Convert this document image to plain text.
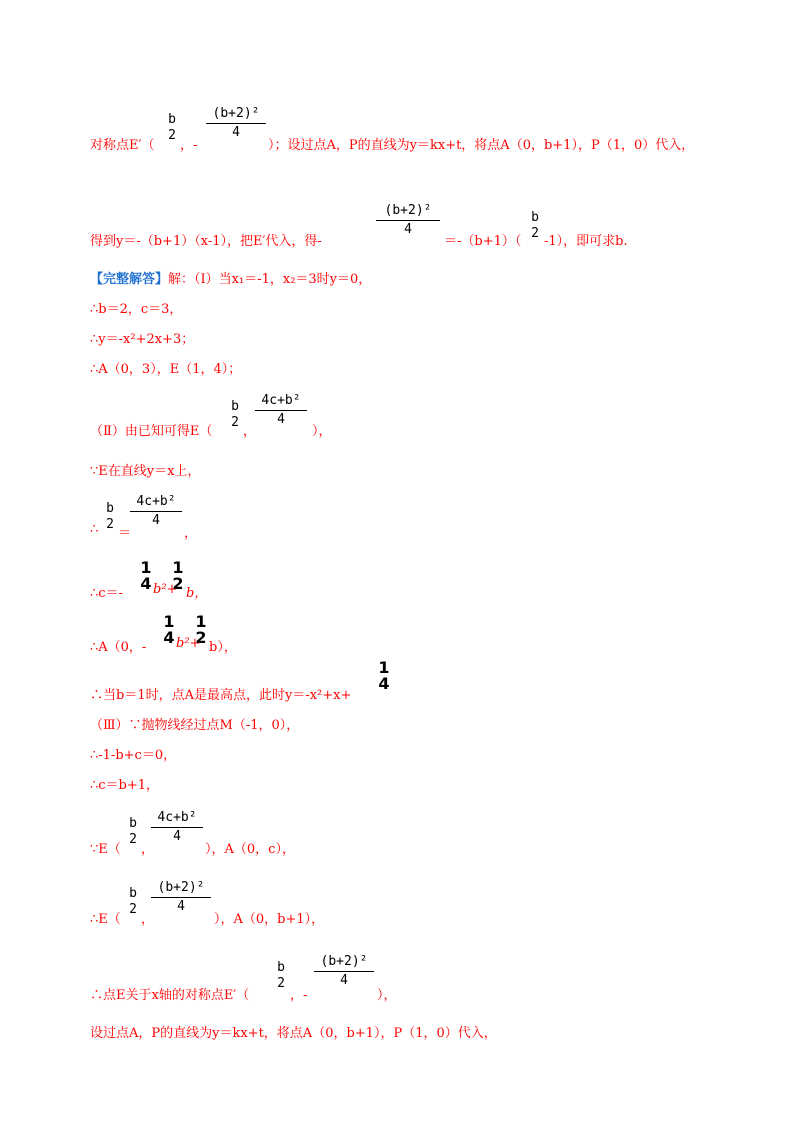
对称点E′（
b
2
，-
(b+2)²
4
）；设过点A，P的直线为y＝kx+t，将点A（0，b+1），P（1，0）代入，
得到y＝-（b+1）（x-1），把E′代入，得-
(b+2)²
4
＝-（b+1）（
b
2
-1），即可求b.
【完整解答】解：（Ⅰ）当x₁＝-1，x₂＝3时y＝0，
∴b＝2，c＝3，
∴y＝-x²+2x+3；
∴A（0，3），E（1，4）；
（Ⅱ）由已知可得E（
b
2
，
4c+b²
4
），
∵E在直线y＝x上，
∴
b
2
＝
4c+b²
4
，
∴c＝-
1
4 b²+
1
2
b，
∴A（0，-
1
4 b²+
1
2
b），
∴当b＝1时，点A是最高点，此时y＝-x²+x+
1
4
（Ⅲ）∵抛物线经过点M（-1，0），
∴-1-b+c＝0，
∴c＝b+1，
∵E（
b
2
，
4c+b²
4
），A（0，c），
∴E（
b
2
，
(b+2)²
4
），A（0，b+1），
∴点E关于x轴的对称点E′（
b
2
，-
(b+2)²
4
），
设过点A，P的直线为y＝kx+t，将点A（0，b+1），P（1，0）代入，
